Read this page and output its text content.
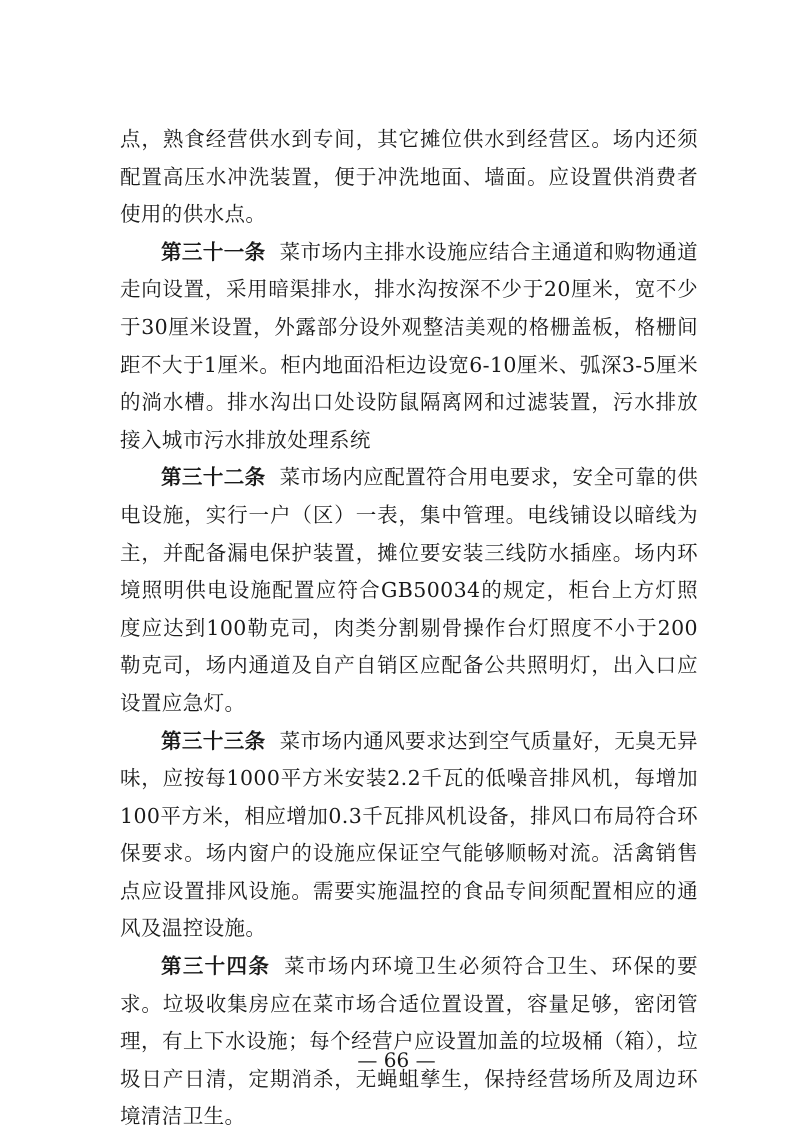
点，熟食经营供水到专间，其它摊位供水到经营区。场内还须配置高压水冲洗装置，便于冲洗地面、墙面。应设置供消费者使用的供水点。

第三十一条 菜市场内主排水设施应结合主通道和购物通道走向设置，采用暗渠排水，排水沟按深不少于20厘米，宽不少于30厘米设置，外露部分设外观整洁美观的格栅盖板，格栅间距不大于1厘米。柜内地面沿柜边设宽6-10厘米、弧深3-5厘米的淌水槽。排水沟出口处设防鼠隔离网和过滤装置，污水排放接入城市污水排放处理系统

第三十二条 菜市场内应配置符合用电要求，安全可靠的供电设施，实行一户（区）一表，集中管理。电线铺设以暗线为主，并配备漏电保护装置，摊位要安装三线防水插座。场内环境照明供电设施配置应符合GB50034的规定，柜台上方灯照度应达到100勒克司，肉类分割剔骨操作台灯照度不小于200勒克司，场内通道及自产自销区应配备公共照明灯，出入口应设置应急灯。

第三十三条 菜市场内通风要求达到空气质量好，无臭无异味，应按每1000平方米安装2.2千瓦的低噪音排风机，每增加100平方米，相应增加0.3千瓦排风机设备，排风口布局符合环保要求。场内窗户的设施应保证空气能够顺畅对流。活禽销售点应设置排风设施。需要实施温控的食品专间须配置相应的通风及温控设施。

第三十四条 菜市场内环境卫生必须符合卫生、环保的要求。垃圾收集房应在菜市场合适位置设置，容量足够，密闭管理，有上下水设施；每个经营户应设置加盖的垃圾桶（箱），垃圾日产日清，定期消杀，无蝇蛆孳生，保持经营场所及周边环境清洁卫生。

— 66 —
